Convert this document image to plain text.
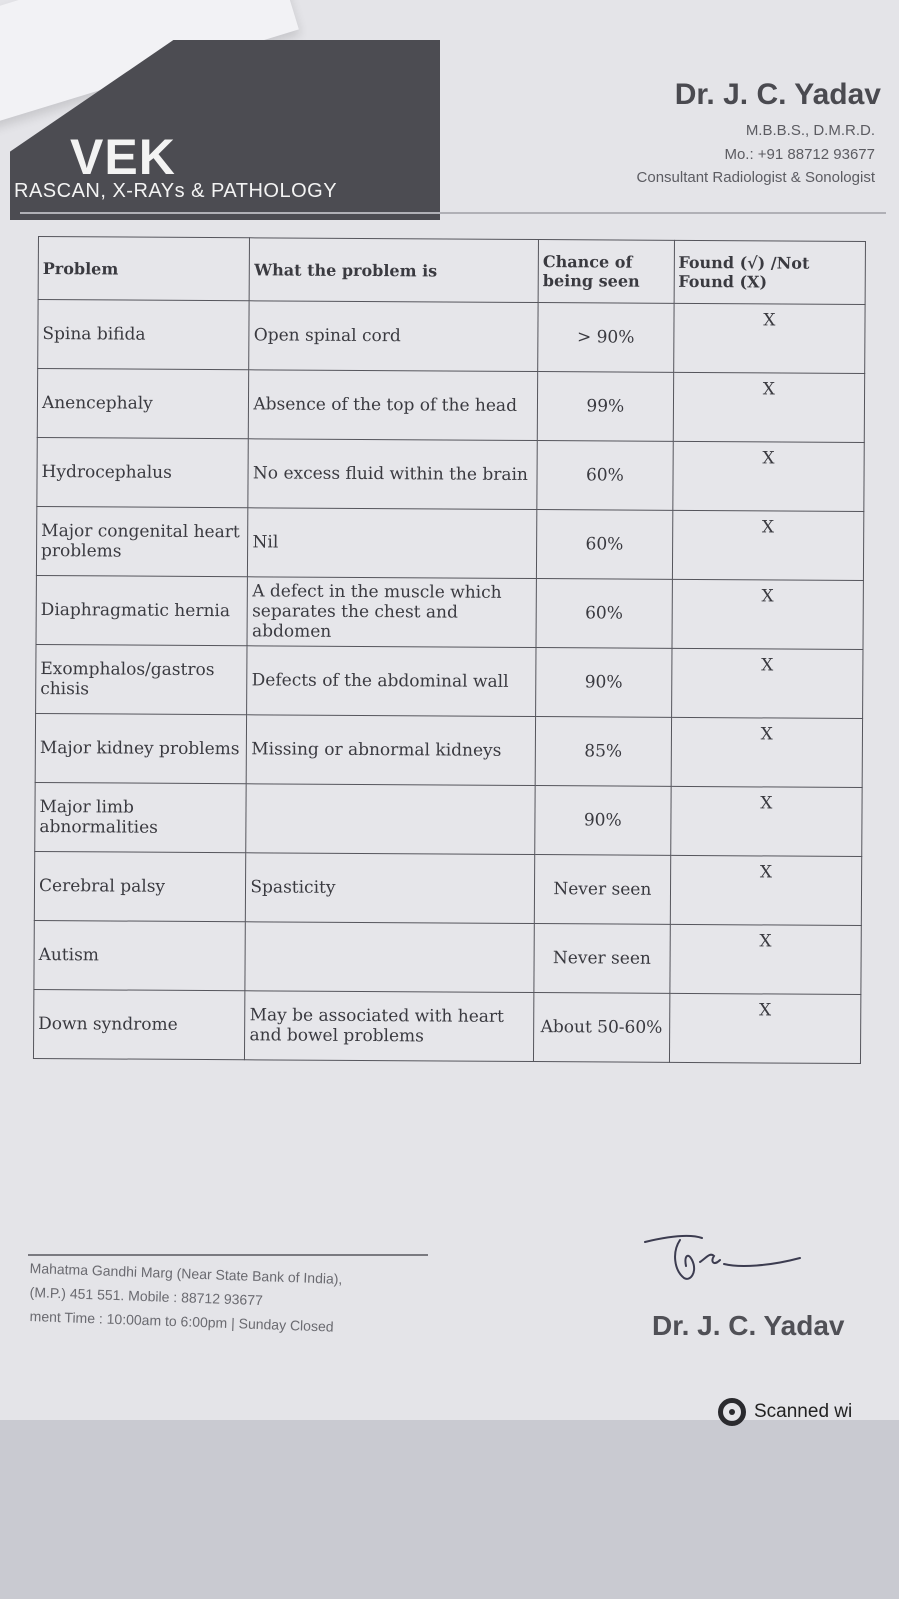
VEK
RASCAN, X-RAYs & PATHOLOGY
Dr. J. C. Yadav
M.B.B.S., D.M.R.D.
Mo.: +91 88712 93677
Consultant Radiologist & Sonologist
Problem	What the problem is	Chance of being seen	Found (√) /Not Found (X)
Spina bifida	Open spinal cord	> 90%	X
Anencephaly	Absence of the top of the head	99%	X
Hydrocephalus	No excess fluid within the brain	60%	X
Major congenital heart problems	Nil	60%	X
Diaphragmatic hernia	A defect in the muscle which separates the chest and abdomen	60%	X
Exomphalos/gastros chisis	Defects of the abdominal wall	90%	X
Major kidney problems	Missing or abnormal kidneys	85%	X
Major limb abnormalities		90%	X
Cerebral palsy	Spasticity	Never seen	X
Autism		Never seen	X
Down syndrome	May be associated with heart and bowel problems	About 50-60%	X
Mahatma Gandhi Marg (Near State Bank of India),
(M.P.) 451 551. Mobile : 88712 93677
ment Time : 10:00am to 6:00pm | Sunday Closed	Dr. J. C. Yadav
Scanned wi
